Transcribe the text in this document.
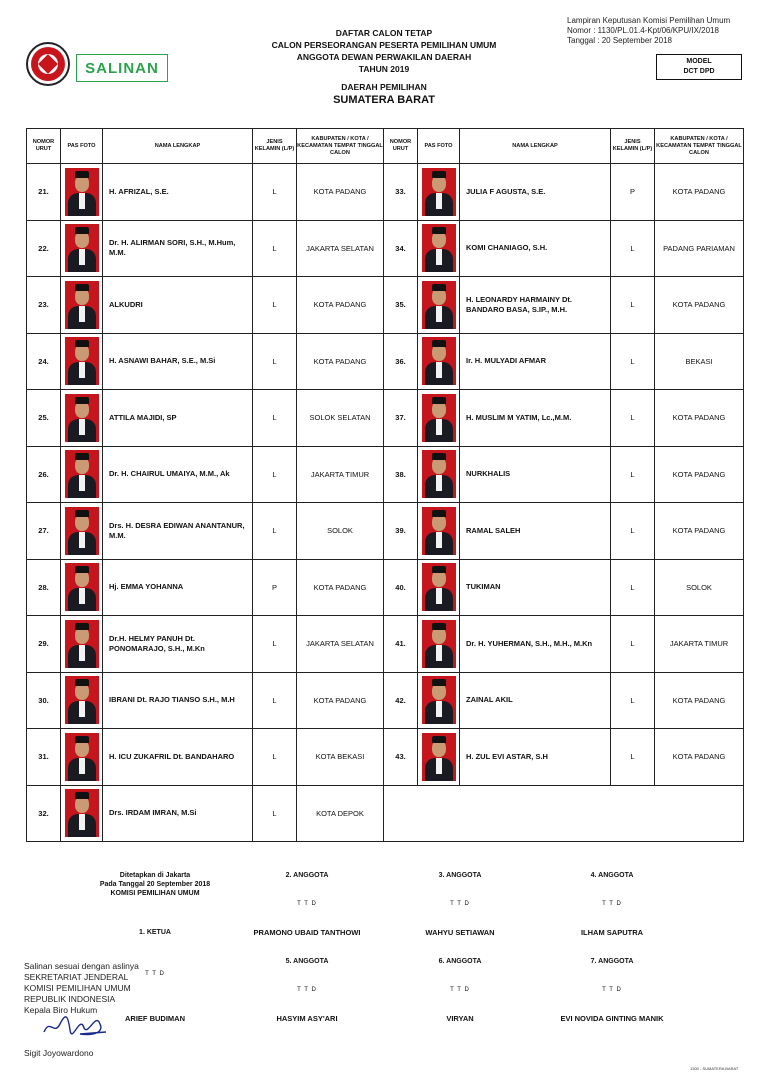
SALINAN
DAFTAR CALON TETAP
CALON PERSEORANGAN PESERTA PEMILIHAN UMUM
ANGGOTA DEWAN PERWAKILAN DAERAH
TAHUN 2019
DAERAH PEMILIHAN
SUMATERA BARAT
Lampiran Keputusan Komisi Pemilihan Umum
Nomor : 1130/PL.01.4-Kpt/06/KPU/IX/2018
Tanggal : 20 September 2018
MODEL
DCT DPD
NOMOR URUT	PAS FOTO	NAMA LENGKAP	JENIS KELAMIN (L/P)	KABUPATEN / KOTA / KECAMATAN TEMPAT TINGGAL CALON	NOMOR URUT	PAS FOTO	NAMA LENGKAP	JENIS KELAMIN (L/P)	KABUPATEN / KOTA / KECAMATAN TEMPAT TINGGAL CALON
21.		H. AFRIZAL, S.E.	L	KOTA PADANG	33.		JULIA F AGUSTA, S.E.	P	KOTA PADANG
22.		Dr. H. ALIRMAN SORI, S.H., M.Hum, M.M.	L	JAKARTA SELATAN	34.		KOMI CHANIAGO, S.H.	L	PADANG PARIAMAN
23.		ALKUDRI	L	KOTA PADANG	35.		H. LEONARDY HARMAINY Dt. BANDARO BASA, S.IP., M.H.	L	KOTA PADANG
24.		H. ASNAWI BAHAR, S.E., M.Si	L	KOTA PADANG	36.		Ir. H. MULYADI AFMAR	L	BEKASI
25.		ATTILA MAJIDI, SP	L	SOLOK SELATAN	37.		H. MUSLIM M YATIM, Lc.,M.M.	L	KOTA PADANG
26.		Dr. H. CHAIRUL UMAIYA, M.M., Ak	L	JAKARTA TIMUR	38.		NURKHALIS	L	KOTA PADANG
27.		Drs. H. DESRA EDIWAN ANANTANUR, M.M.	L	SOLOK	39.		RAMAL SALEH	L	KOTA PADANG
28.		Hj. EMMA YOHANNA	P	KOTA PADANG	40.		TUKIMAN	L	SOLOK
29.		Dr.H. HELMY PANUH Dt. PONOMARAJO, S.H., M.Kn	L	JAKARTA SELATAN	41.		Dr. H. YUHERMAN, S.H., M.H., M.Kn	L	JAKARTA TIMUR
30.		IBRANI Dt. RAJO TIANSO S.H., M.H	L	KOTA PADANG	42.		ZAINAL AKIL	L	KOTA PADANG
31.		H. ICU ZUKAFRIL Dt. BANDAHARO	L	KOTA BEKASI	43.		H. ZUL EVI ASTAR, S.H	L	KOTA PADANG
32.		Drs. IRDAM IMRAN, M.Si	L	KOTA DEPOK					
Ditetapkan di Jakarta
Pada Tanggal 20 September 2018
KOMISI PEMILIHAN UMUM
2. ANGGOTA	3. ANGGOTA	4. ANGGOTA
T T D	T T D	T T D
1. KETUA	PRAMONO UBAID TANTHOWI	WAHYU SETIAWAN	ILHAM SAPUTRA
5. ANGGOTA	6. ANGGOTA	7. ANGGOTA
T T D
T T D	T T D	T T D
ARIEF BUDIMAN	HASYIM ASY'ARI	VIRYAN	EVI NOVIDA GINTING MANIK
Salinan sesuai dengan aslinya
SEKRETARIAT JENDERAL
KOMISI PEMILIHAN UMUM
REPUBLIK INDONESIA
Kepala Biro Hukum
Sigit Joyowardono
1300 - SUMATERA BARAT
